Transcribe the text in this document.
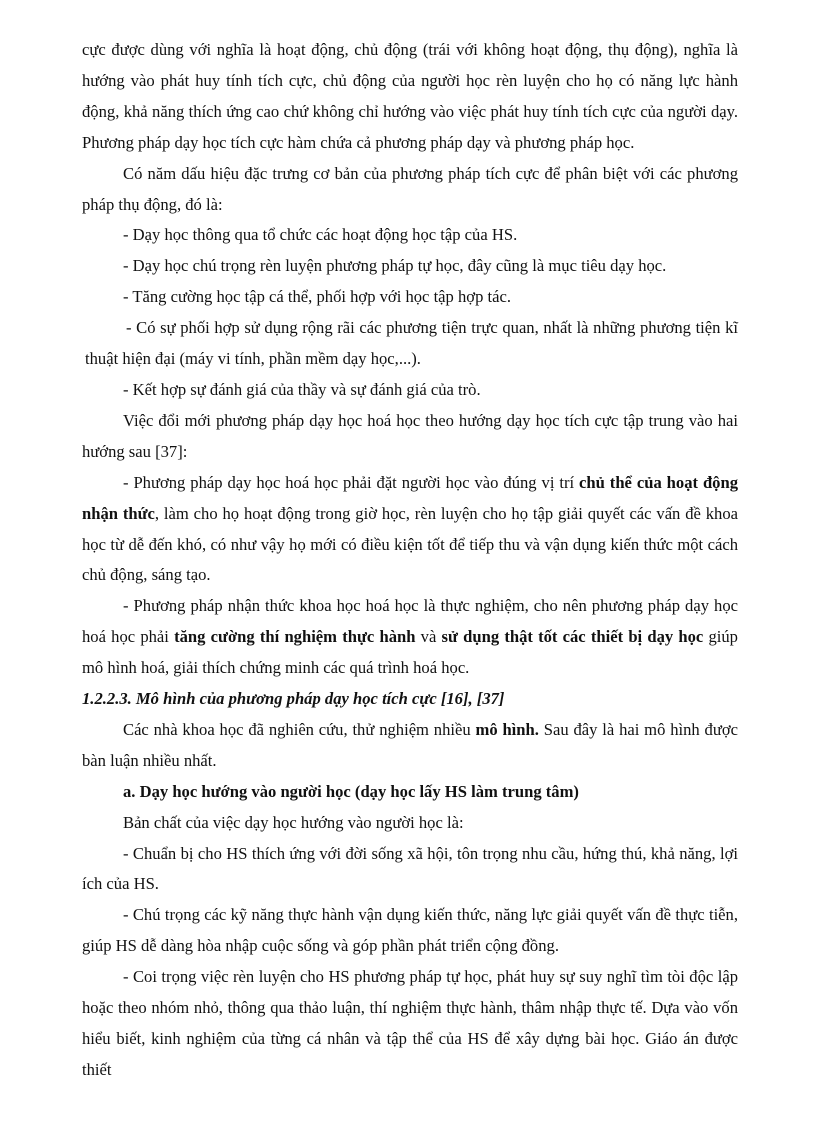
cực được dùng với nghĩa là hoạt động, chủ động (trái với không hoạt động, thụ động), nghĩa là hướng vào phát huy tính tích cực, chủ động của người học rèn luyện cho họ có năng lực hành động, khả năng thích ứng cao chứ không chỉ hướng vào việc phát huy tính tích cực của người dạy. Phương pháp dạy học tích cực hàm chứa cả phương pháp dạy và phương pháp học.

Có năm dấu hiệu đặc trưng cơ bản của phương pháp tích cực để phân biệt với các phương pháp thụ động, đó là:

- Dạy học thông qua tổ chức các hoạt động học tập của HS.

- Dạy học chú trọng rèn luyện phương pháp tự học, đây cũng là mục tiêu dạy học.

- Tăng cường học tập cá thể, phối hợp với học tập hợp tác.

- Có sự phối hợp sử dụng rộng rãi các phương tiện trực quan, nhất là những phương tiện kĩ thuật hiện đại (máy vi tính, phần mềm dạy học,...).

- Kết hợp sự đánh giá của thầy và sự đánh giá của trò.

Việc đổi mới phương pháp dạy học hoá học theo hướng dạy học tích cực tập trung vào hai hướng sau [37]:

- Phương pháp dạy học hoá học phải đặt người học vào đúng vị trí chủ thể của hoạt động nhận thức, làm cho họ hoạt động trong giờ học, rèn luyện cho họ tập giải quyết các vấn đề khoa học từ dễ đến khó, có như vậy họ mới có điều kiện tốt để tiếp thu và vận dụng kiến thức một cách chủ động, sáng tạo.

- Phương pháp nhận thức khoa học hoá học là thực nghiệm, cho nên phương pháp dạy học hoá học phải tăng cường thí nghiệm thực hành và sử dụng thật tốt các thiết bị dạy học giúp mô hình hoá, giải thích chứng minh các quá trình hoá học.

1.2.2.3. Mô hình của phương pháp dạy học tích cực [16], [37]

Các nhà khoa học đã nghiên cứu, thử nghiệm nhiều mô hình. Sau đây là hai mô hình được bàn luận nhiều nhất.

a. Dạy học hướng vào người học (dạy học lấy HS làm trung tâm)

Bản chất của việc dạy học hướng vào người học là:

- Chuẩn bị cho HS thích ứng với đời sống xã hội, tôn trọng nhu cầu, hứng thú, khả năng, lợi ích của HS.

- Chú trọng các kỹ năng thực hành vận dụng kiến thức, năng lực giải quyết vấn đề thực tiễn, giúp HS dễ dàng hòa nhập cuộc sống và góp phần phát triển cộng đồng.

- Coi trọng việc rèn luyện cho HS phương pháp tự học, phát huy sự suy nghĩ tìm tòi độc lập hoặc theo nhóm nhỏ, thông qua thảo luận, thí nghiệm thực hành, thâm nhập thực tế. Dựa vào vốn hiểu biết, kinh nghiệm của từng cá nhân và tập thể của HS để xây dựng bài học. Giáo án được thiết
